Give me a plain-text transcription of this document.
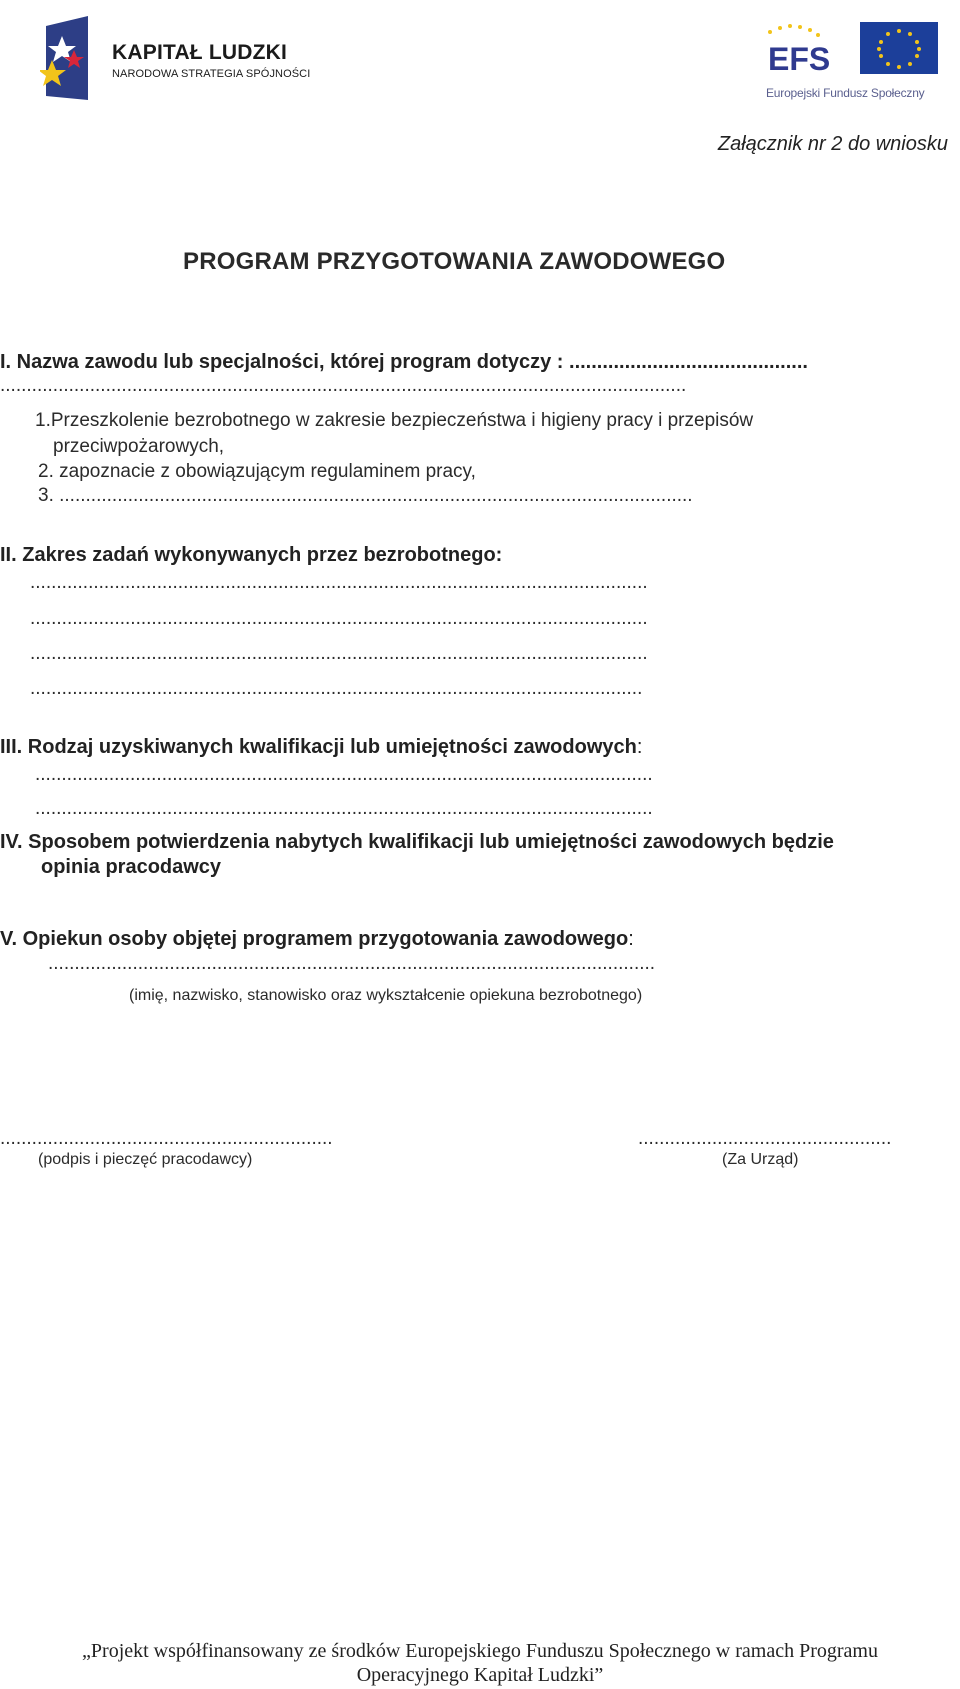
KAPITAŁ LUDZKI
NARODOWA STRATEGIA SPÓJNOŚCI	EFS
Europejski Fundusz Społeczny
Załącznik nr 2 do wniosku
PROGRAM PRZYGOTOWANIA ZAWODOWEGO
I. Nazwa zawodu lub specjalności, której program dotyczy : ...........................................
..................................................................................................................................
1.Przeszkolenie bezrobotnego w zakresie bezpieczeństwa i higieny pracy i przepisów
przeciwpożarowych,
2. zapoznacie z obowiązującym regulaminem pracy,
3. ........................................................................................................................
II. Zakres zadań wykonywanych przez bezrobotnego:
.....................................................................................................................
.....................................................................................................................
.....................................................................................................................
....................................................................................................................
III. Rodzaj uzyskiwanych kwalifikacji lub umiejętności zawodowych:
.....................................................................................................................
.....................................................................................................................
IV. Sposobem potwierdzenia nabytych kwalifikacji lub umiejętności zawodowych będzie
opinia pracodawcy
V. Opiekun osoby objętej programem przygotowania zawodowego:
...................................................................................................................
(imię, nazwisko, stanowisko oraz wykształcenie opiekuna bezrobotnego)
...............................................................
(podpis i pieczęć pracodawcy)
................................................
(Za Urząd)
„Projekt współfinansowany ze środków Europejskiego Funduszu Społecznego w ramach Programu
Operacyjnego Kapitał Ludzki”
